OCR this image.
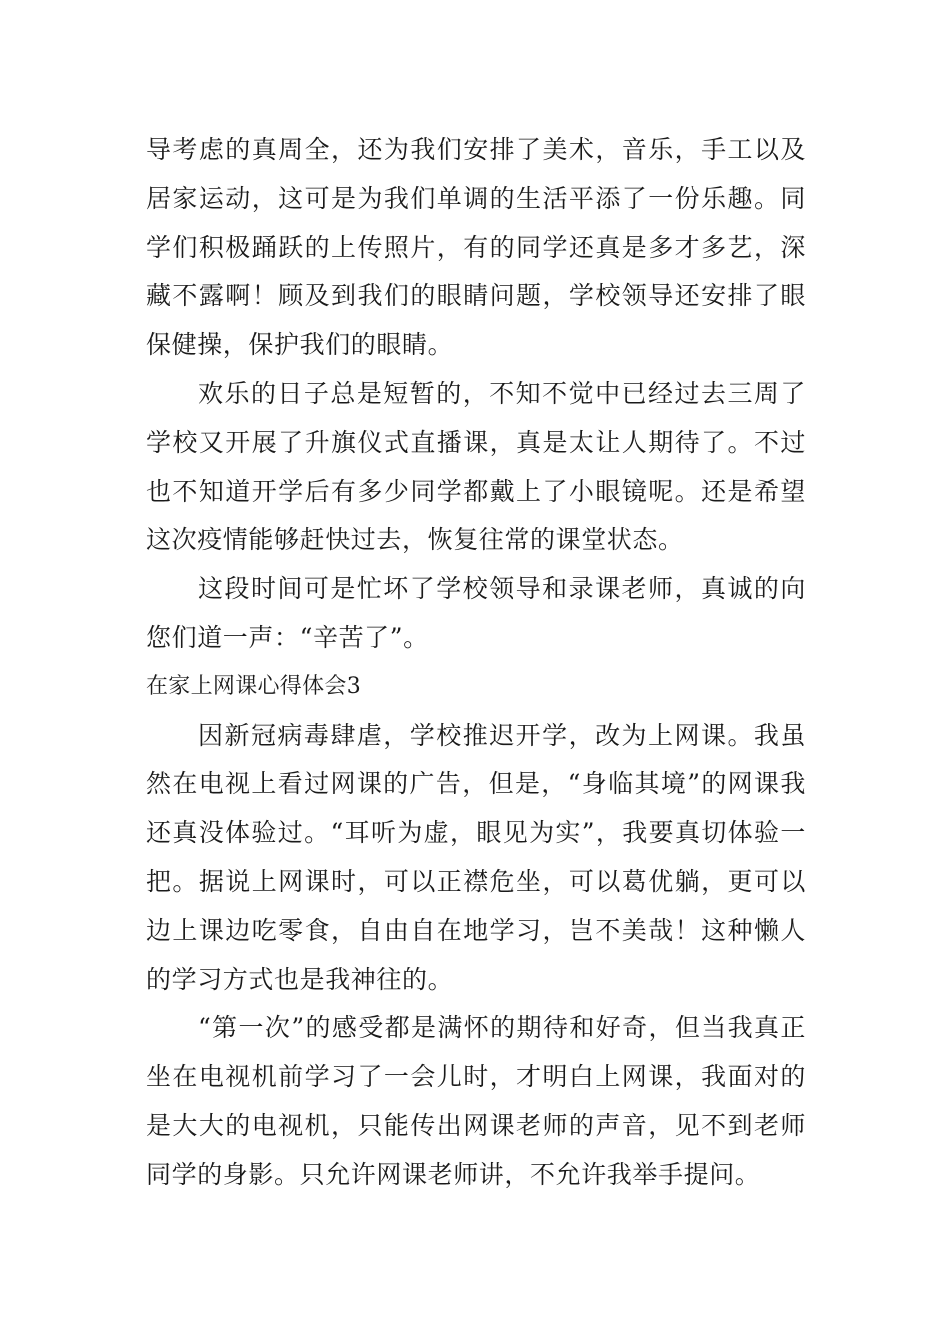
导考虑的真周全，还为我们安排了美术，音乐，手工以及居家运动，这可是为我们单调的生活平添了一份乐趣。同学们积极踊跃的上传照片，有的同学还真是多才多艺，深藏不露啊！顾及到我们的眼睛问题，学校领导还安排了眼保健操，保护我们的眼睛。

欢乐的日子总是短暂的，不知不觉中已经过去三周了学校又开展了升旗仪式直播课，真是太让人期待了。不过也不知道开学后有多少同学都戴上了小眼镜呢。还是希望这次疫情能够赶快过去，恢复往常的课堂状态。

这段时间可是忙坏了学校领导和录课老师，真诚的向您们道一声：“辛苦了”。

在家上网课心得体会3

因新冠病毒肆虐，学校推迟开学，改为上网课。我虽然在电视上看过网课的广告，但是，“身临其境”的网课我还真没体验过。“耳听为虚，眼见为实”，我要真切体验一把。据说上网课时，可以正襟危坐，可以葛优躺，更可以边上课边吃零食，自由自在地学习，岂不美哉！这种懒人的学习方式也是我神往的。

“第一次”的感受都是满怀的期待和好奇，但当我真正坐在电视机前学习了一会儿时，才明白上网课，我面对的是大大的电视机，只能传出网课老师的声音，见不到老师同学的身影。只允许网课老师讲，不允许我举手提问。
